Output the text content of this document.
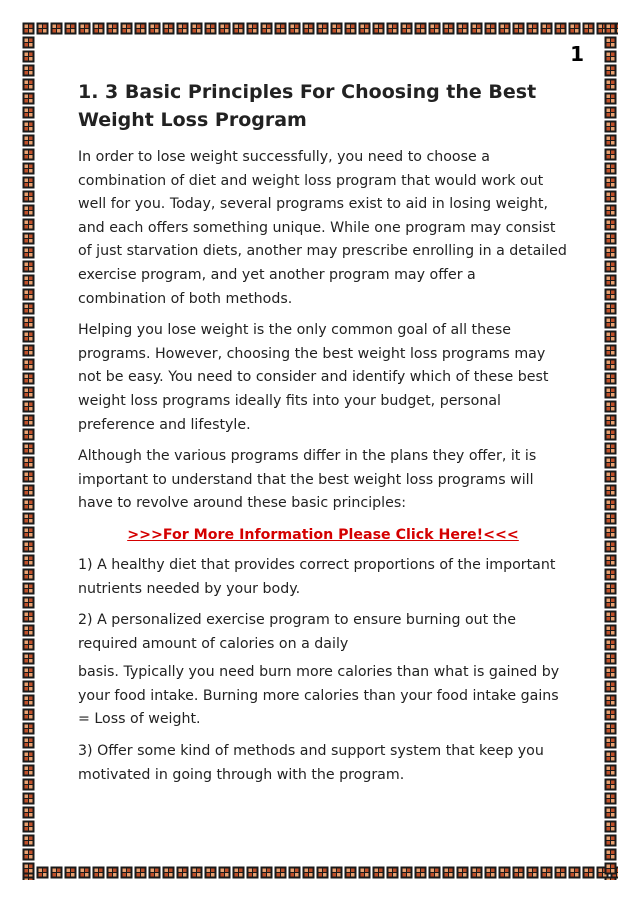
1
1. 3 Basic Principles For Choosing the Best Weight Loss Program

In order to lose weight successfully, you need to choose a combination of diet and weight loss program that would work out well for you. Today, several programs exist to aid in losing weight, and each offers something unique. While one program may consist of just starvation diets, another may prescribe enrolling in a detailed exercise program, and yet another program may offer a combination of both methods.

Helping you lose weight is the only common goal of all these programs. However, choosing the best weight loss programs may not be easy. You need to consider and identify which of these best weight loss programs ideally fits into your budget, personal preference and lifestyle.

Although the various programs differ in the plans they offer, it is important to understand that the best weight loss programs will have to revolve around these basic principles:

>>>For More Information Please Click Here!<<<

1) A healthy diet that provides correct proportions of the important nutrients needed by your body.

2) A personalized exercise program to ensure burning out the required amount of calories on a daily

basis. Typically you need burn more calories than what is gained by your food intake. Burning more calories than your food intake gains = Loss of weight.

3) Offer some kind of methods and support system that keep you motivated in going through with the program.
